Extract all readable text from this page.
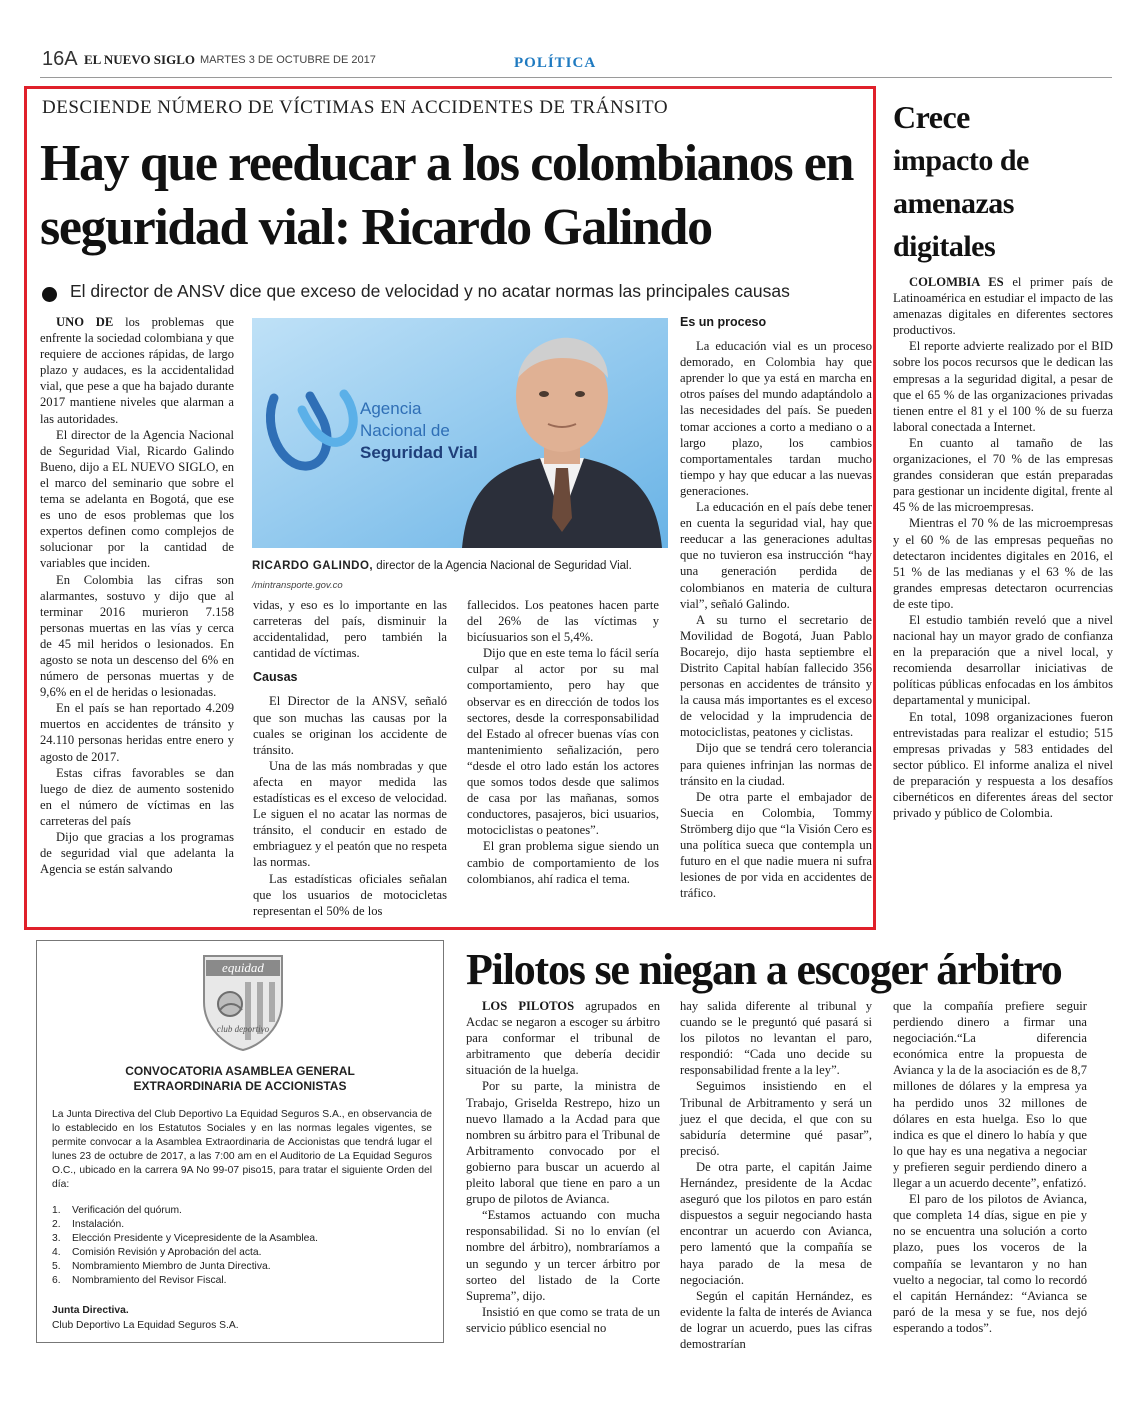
16A EL NUEVO SIGLO MARTES 3 DE OCTUBRE DE 2017	POLÍTICA
DESCIENDE NÚMERO DE VÍCTIMAS EN ACCIDENTES DE TRÁNSITO
Hay que reeducar a los colombianos en seguridad vial: Ricardo Galindo
El director de ANSV dice que exceso de velocidad y no acatar normas las principales causas

UNO DE los problemas que enfrente la sociedad colombiana y que requiere de acciones rápidas, de largo plazo y audaces, es la accidentalidad vial, que pese a que ha bajado durante 2017 mantiene niveles que alarman a las autoridades.

El director de la Agencia Nacional de Seguridad Vial, Ricardo Galindo Bueno, dijo a EL NUEVO SIGLO, en el marco del seminario que sobre el tema se adelanta en Bogotá, que ese es uno de esos problemas que los expertos definen como complejos de solucionar por la cantidad de variables que inciden.

En Colombia las cifras son alarmantes, sostuvo y dijo que al terminar 2016 murieron 7.158 personas muertas en las vías y cerca de 45 mil heridos o lesionados. En agosto se nota un descenso del 6% en número de personas muertas y de 9,6% en el de heridas o lesionadas.

En el país se han reportado 4.209 muertos en accidentes de tránsito y 24.110 personas heridas entre enero y agosto de 2017.

Estas cifras favorables se dan luego de diez de aumento sostenido en el número de víctimas en las carreteras del país

Dijo que gracias a los programas de seguridad vial que adelanta la Agencia se están salvando

Agencia
Nacional de
Seguridad Vial
RICARDO GALINDO, director de la Agencia Nacional de Seguridad Vial.
/mintransporte.gov.co

vidas, y eso es lo importante en las carreteras del país, disminuir la accidentalidad, pero también la cantidad de víctimas.

Causas

El Director de la ANSV, señaló que son muchas las causas por la cuales se originan los accidente de tránsito.

Una de las más nombradas y que afecta en mayor medida las estadísticas es el exceso de velocidad. Le siguen el no acatar las normas de tránsito, el conducir en estado de embriaguez y el peatón que no respeta las normas.

Las estadísticas oficiales señalan que los usuarios de motocicletas representan el 50% de los

fallecidos. Los peatones hacen parte del 26% de las víctimas y bicíusuarios son el 5,4%.

Dijo que en este tema lo fácil sería culpar al actor por su mal comportamiento, pero hay que observar es en dirección de todos los sectores, desde la corresponsabilidad del Estado al ofrecer buenas vías con mantenimiento señalización, pero “desde el otro lado están los actores que somos todos desde que salimos de casa por las mañanas, somos conductores, pasajeros, bici usuarios, motociclistas o peatones”.

El gran problema sigue siendo un cambio de comportamiento de los colombianos, ahí radica el tema.

Es un proceso

La educación vial es un proceso demorado, en Colombia hay que aprender lo que ya está en marcha en otros países del mundo adaptándolo a las necesidades del país. Se pueden tomar acciones a corto a mediano o a largo plazo, los cambios comportamentales tardan mucho tiempo y hay que educar a las nuevas generaciones.

La educación en el país debe tener en cuenta la seguridad vial, hay que reeducar a las generaciones adultas que no tuvieron esa instrucción “hay una generación perdida de colombianos en materia de cultura vial”, señaló Galindo.

A su turno el secretario de Movilidad de Bogotá, Juan Pablo Bocarejo, dijo hasta septiembre el Distrito Capital habían fallecido 356 personas en accidentes de tránsito y la causa más importantes es el exceso de velocidad y la imprudencia de motociclistas, peatones y ciclistas.

Dijo que se tendrá cero tolerancia para quienes infrinjan las normas de tránsito en la ciudad.

De otra parte el embajador de Suecia en Colombia, Tommy Strömberg dijo que “la Visión Cero es una política sueca que contempla un futuro en el que nadie muera ni sufra lesiones de por vida en accidentes de tráfico.

Crece
impacto de
amenazas
digitales

COLOMBIA ES el primer país de Latinoamérica en estudiar el impacto de las amenazas digitales en diferentes sectores productivos.

El reporte advierte realizado por el BID sobre los pocos recursos que le dedican las empresas a la seguridad digital, a pesar de que el 65 % de las organizaciones privadas tienen entre el 81 y el 100 % de su fuerza laboral conectada a Internet.

En cuanto al tamaño de las organizaciones, el 70 % de las empresas grandes consideran que están preparadas para gestionar un incidente digital, frente al 45 % de las microempresas.

Mientras el 70 % de las microempresas y el 60 % de las empresas pequeñas no detectaron incidentes digitales en 2016, el 51 % de las medianas y el 63 % de las grandes empresas detectaron ocurrencias de este tipo.

El estudio también reveló que a nivel nacional hay un mayor grado de confianza en la preparación que a nivel local, y recomienda desarrollar iniciativas de políticas públicas enfocadas en los ámbitos departamental y municipal.

En total, 1098 organizaciones fueron entrevistadas para realizar el estudio; 515 empresas privadas y 583 entidades del sector público. El informe analiza el nivel de preparación y respuesta a los desafíos cibernéticos en diferentes áreas del sector privado y público de Colombia.

equidad
club deportivo
CONVOCATORIA ASAMBLEA GENERAL
EXTRAORDINARIA DE ACCIONISTAS
La Junta Directiva del Club Deportivo La Equidad Seguros S.A., en observancia de lo establecido en los Estatutos Sociales y en las normas legales vigentes, se permite convocar a la Asamblea Extraordinaria de Accionistas que tendrá lugar el lunes 23 de octubre de 2017, a las 7:00 am en el Auditorio de La Equidad Seguros O.C., ubicado en la carrera 9A No 99-07 piso15, para tratar el siguiente Orden del día:
1.	Verificación del quórum.
2.	Instalación.
3.	Elección Presidente y Vicepresidente de la Asamblea.
4.	Comisión Revisión y Aprobación del acta.
5.	Nombramiento Miembro de Junta Directiva.
6.	Nombramiento del Revisor Fiscal.
Junta Directiva.
Club Deportivo La Equidad Seguros S.A.
Pilotos se niegan a escoger árbitro

LOS PILOTOS agrupados en Acdac se negaron a escoger su árbitro para conformar el tribunal de arbitramento que debería decidir situación de la huelga.

Por su parte, la ministra de Trabajo, Griselda Restrepo, hizo un nuevo llamado a la Acdad para que nombren su árbitro para el Tribunal de Arbitramento convocado por el gobierno para buscar un acuerdo al pleito laboral que tiene en paro a un grupo de pilotos de Avianca.

“Estamos actuando con mucha responsabilidad. Si no lo envían (el nombre del árbitro), nombraríamos a un segundo y un tercer árbitro por sorteo del listado de la Corte Suprema”, dijo.

Insistió en que como se trata de un servicio público esencial no

hay salida diferente al tribunal y cuando se le preguntó qué pasará si los pilotos no levantan el paro, respondió: “Cada uno decide su responsabilidad frente a la ley”.

Seguimos insistiendo en el Tribunal de Arbitramento y será un juez el que decida, el que con su sabiduría determine qué pasar”, precisó.

De otra parte, el capitán Jaime Hernández, presidente de la Acdac aseguró que los pilotos en paro están dispuestos a seguir negociando hasta encontrar un acuerdo con Avianca, pero lamentó que la compañía se haya parado de la mesa de negociación.

Según el capitán Hernández, es evidente la falta de interés de Avianca de lograr un acuerdo, pues las cifras demostrarían

que la compañía prefiere seguir perdiendo dinero a firmar una negociación.“La diferencia económica entre la propuesta de Avianca y la de la asociación es de 8,7 millones de dólares y la empresa ya ha perdido unos 32 millones de dólares en esta huelga. Eso lo que indica es que el dinero lo había y que lo que hay es una negativa a negociar y prefieren seguir perdiendo dinero a llegar a un acuerdo decente”, enfatizó.

El paro de los pilotos de Avianca, que completa 14 días, sigue en pie y no se encuentra una solución a corto plazo, pues los voceros de la compañía se levantaron y no han vuelto a negociar, tal como lo recordó el capitán Hernández: “Avianca se paró de la mesa y se fue, nos dejó esperando a todos”.
